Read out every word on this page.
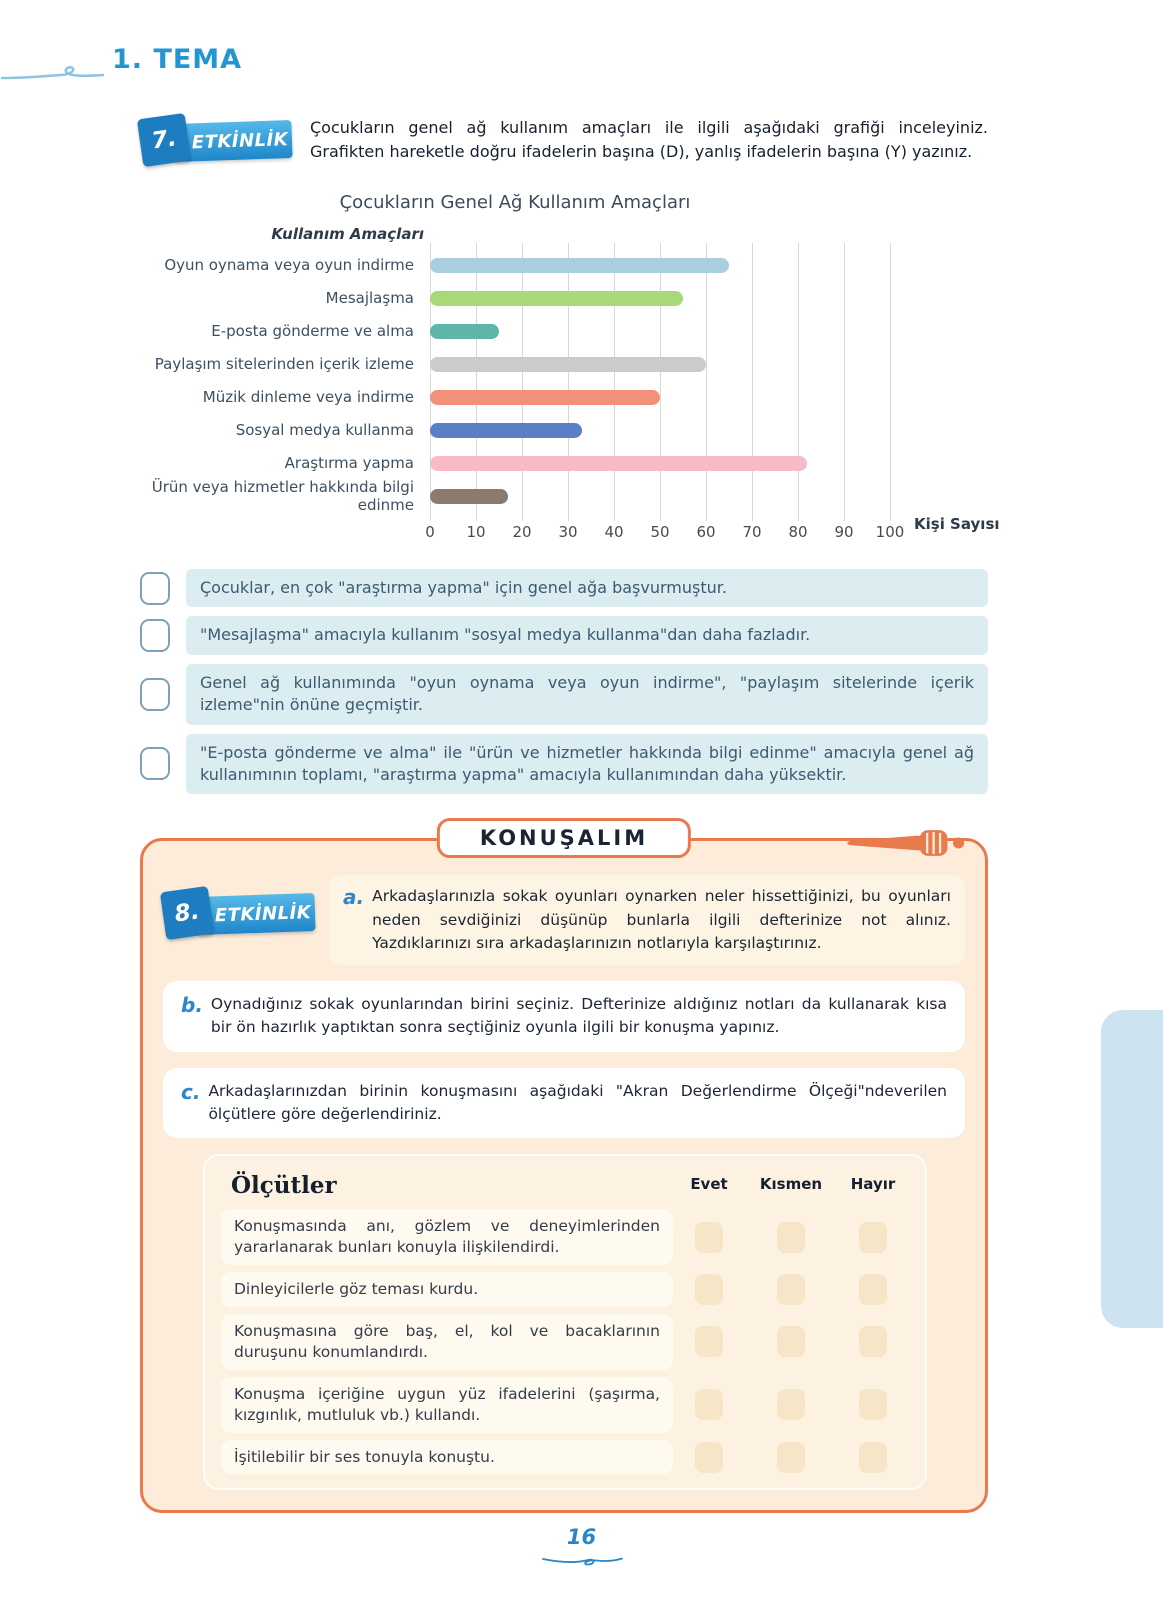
1. TEMA
7. ETKİNLİK
Çocukların genel ağ kullanım amaçları ile ilgili aşağıdaki grafiği inceleyiniz. Grafikten hareketle doğru ifadelerin başına (D), yanlış ifadelerin başına (Y) yazınız.
Çocukların Genel Ağ Kullanım Amaçları
Kullanım Amaçları
Oyun oynama veya oyun indirme
Mesajlaşma
E-posta gönderme ve alma
Paylaşım sitelerinden içerik izleme
Müzik dinleme veya indirme
Sosyal medya kullanma
Araştırma yapma
Ürün veya hizmetler hakkında bilgi edinme
Kişi Sayısı
0 10 20 30 40 50 60 70 80 90 100
Çocuklar, en çok "araştırma yapma" için genel ağa başvurmuştur.
"Mesajlaşma" amacıyla kullanım "sosyal medya kullanma"dan daha fazladır.
Genel ağ kullanımında "oyun oynama veya oyun indirme", "paylaşım sitelerinde içerik izleme"nin önüne geçmiştir.
"E-posta gönderme ve alma" ile "ürün ve hizmetler hakkında bilgi edinme" amacıyla genel ağ kullanımının toplamı, "araştırma yapma" amacıyla kullanımından daha yüksektir.
KONUŞALIM
8. ETKİNLİK
a. Arkadaşlarınızla sokak oyunları oynarken neler hissettiğinizi, bu oyunları neden sevdiğinizi düşünüp bunlarla ilgili defterinize not alınız. Yazdıklarınızı sıra arkadaşlarınızın notlarıyla karşılaştırınız.
b. Oynadığınız sokak oyunlarından birini seçiniz. Defterinize aldığınız notları da kullanarak kısa bir ön hazırlık yaptıktan sonra seçtiğiniz oyunla ilgili bir konuşma yapınız.
c. Arkadaşlarınızdan birinin konuşmasını aşağıdaki "Akran Değerlendirme Ölçeği"ndeverilen ölçütlere göre değerlendiriniz.
Ölçütler	Evet	Kısmen	Hayır
Konuşmasında anı, gözlem ve deneyimlerinden yararlanarak bunları konuyla ilişkilendirdi.
Dinleyicilerle göz teması kurdu.
Konuşmasına göre baş, el, kol ve bacaklarının duruşunu konumlandırdı.
Konuşma içeriğine uygun yüz ifadelerini (şaşırma, kızgınlık, mutluluk vb.) kullandı.
İşitilebilir bir ses tonuyla konuştu.
16
